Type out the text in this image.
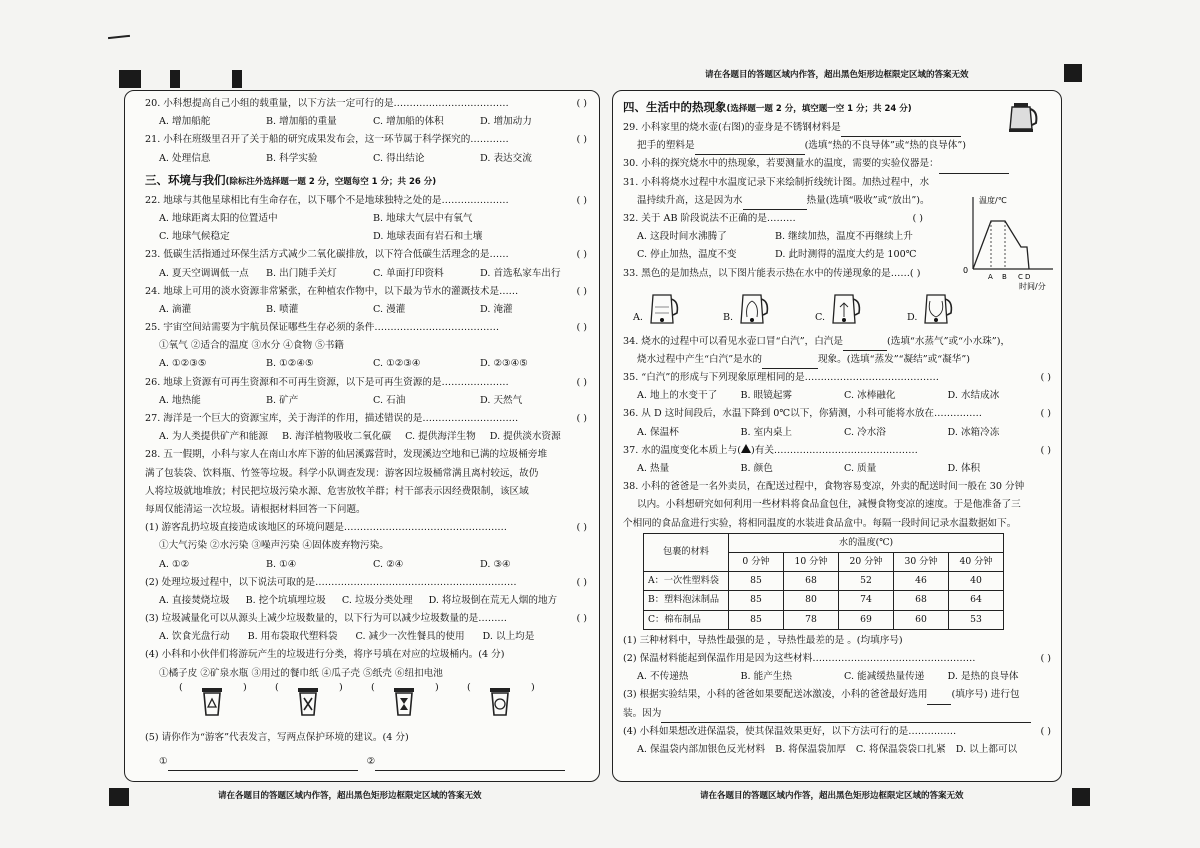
请在各题目的答题区域内作答，超出黑色矩形边框限定区域的答案无效
请在各题目的答题区域内作答，超出黑色矩形边框限定区域的答案无效	请在各题目的答题区域内作答，超出黑色矩形边框限定区域的答案无效
20. 小科想提高自己小组的载重量，以下方法一定可行的是………………………………	( )
A. 增加船舵	B. 增加船的重量	C. 增加船的体积	D. 增加动力
21. 小科在班级里召开了关于船的研究成果发布会，这一环节属于科学探究的…………	( )
A. 处理信息	B. 科学实验	C. 得出结论	D. 表达交流
三、环境与我们(除标注外选择题一题 2 分，空题每空 1 分；共 26 分)
22. 地球与其他星球相比有生命存在，以下哪个不是地球独特之处的是…………………	( )
A. 地球距离太阳的位置适中	B. 地球大气层中有氧气
C. 地球气候稳定	D. 地球表面有岩石和土壤
23. 低碳生活指通过环保生活方式减少二氧化碳排放，以下符合低碳生活理念的是……	( )
A. 夏天空调调低一点	B. 出门随手关灯	C. 单面打印资料	D. 首选私家车出行
24. 地球上可用的淡水资源非常紧张，在种植农作物中，以下最为节水的灌溉技术是……	( )
A. 滴灌	B. 喷灌	C. 漫灌	D. 淹灌
25. 宇宙空间站需要为宇航员保证哪些生存必须的条件…………………………………	( )
①氧气 ②适合的温度 ③水分 ④食物 ⑤书籍
A. ①②③⑤	B. ①②④⑤	C. ①②③④	D. ②③④⑤
26. 地球上资源有可再生资源和不可再生资源，以下是可再生资源的是…………………	( )
A. 地热能	B. 矿产	C. 石油	D. 天然气
27. 海洋是一个巨大的资源宝库，关于海洋的作用，描述错误的是…………………………	( )
A. 为人类提供矿产和能源 B. 海洋植物吸收二氧化碳 C. 提供海洋生物 D. 提供淡水资源
28. 五一假期，小科与家人在南山水库下游的仙居溪露营时，发现溪边空地和已满的垃圾桶旁堆
满了包装袋、饮料瓶、竹签等垃圾。科学小队调查发现：游客因垃圾桶常满且离村较远，故仍
人将垃圾就地堆放；村民把垃圾污染水源、危害放牧羊群；村干部表示因经费限制，该区域
每周仅能清运一次垃圾。请根据材料回答一下问题。
(1) 游客乱扔垃圾直接造成该地区的环境问题是……………………………………………	( )
①大气污染 ②水污染 ③噪声污染 ④固体废弃物污染。
A. ①②	B. ①④	C. ②④	D. ③④
(2) 处理垃圾过程中，以下说法可取的是………………………………………………………	( )
A. 直接焚烧垃圾 B. 挖个坑填埋垃圾 C. 垃圾分类处理 D. 将垃圾倒在荒无人烟的地方
(3) 垃圾减量化可以从源头上减少垃圾数量的，以下行为可以减少垃圾数量的是………	( )
A. 饮食光盘行动 B. 用布袋取代塑料袋 C. 减少一次性餐具的使用 D. 以上均是
(4) 小科和小伙伴们将游玩产生的垃圾进行分类，将序号填在对应的垃圾桶内。(4 分)
①橘子皮 ②矿泉水瓶 ③用过的餐巾纸 ④瓜子壳 ⑤纸壳 ⑥纽扣电池
(	)	(	)	(	)	(	)
(5) 请你作为“游客”代表发言，写两点保护环境的建议。(4 分)
①	②
四、生活中的热现象(选择题一题 2 分，填空题一空 1 分；共 24 分)
29. 小科家里的烧水壶(右图)的壶身是不锈钢材料是
把手的塑料是	(选填“热的不良导体”或“热的良导体”)
30. 小科的探究烧水中的热现象，若要测量水的温度，需要的实验仪器是：
31. 小科将烧水过程中水温度记录下来绘制折线统计图。加热过程中，水
温持续升高，这是因为水	热量(选填“吸收”或“放出”)。
32. 关于 AB 阶段说法不正确的是………	( )
A. 这段时间水沸腾了	B. 继续加热，温度不再继续上升
C. 停止加热，温度不变	D. 此时测得的温度大约是 100℃
温度/℃
0
A B C D
时间/分
33. 黑色的是加热点，以下图片能表示热在水中的传递现象的是……( )
A.	B.	C.	D.
34. 烧水的过程中可以看见水壶口冒“白汽”，白汽是	(选填“水蒸气”或“小水珠”)，
烧水过程中产生“白汽”是水的	现象。(选填“蒸发”“凝结”或“凝华”)
35. “白汽”的形成与下列现象原理相同的是……………………………………	( )
A. 地上的水变干了	B. 眼镜起雾	C. 冰棒融化	D. 水结成冰
36. 从 D 这时间段后，水温下降到 0℃以下，你猜测，小科可能将水放在……………	( )
A. 保温杯	B. 室内桌上	C. 冷水浴	D. 冰箱冷冻
37. 水的温度变化本质上与( )有关………………………………………	( )
A. 热量	B. 颜色	C. 质量	D. 体积
38. 小科的爸爸是一名外卖员，在配送过程中，食物容易变凉，外卖的配送时间一般在 30 分钟
以内。小科想研究如何利用一些材料将食品盒包住，减慢食物变凉的速度。于是他准备了三
个相同的食品盒进行实验，将相同温度的水装进食品盒中。每隔一段时间记录水温数据如下。
包裹的材料	水的温度(℃)				
	0 分钟	10 分钟	20 分钟	30 分钟	40 分钟
A：一次性塑料袋	85	68	52	46	40
B：塑料泡沫制品	85	80	74	68	64
C：棉布制品	85	78	69	60	53
(1) 三种材料中，导热性最强的是 ，导热性最差的是 。(均填序号)
(2) 保温材料能起到保温作用是因为这些材料……………………………………………	( )
A. 不传递热	B. 能产生热	C. 能减缓热量传递	D. 是热的良导体
(3) 根据实验结果，小科的爸爸如果要配送冰激凌，小科的爸爸最好选用	(填序号) 进行包
装。因为
(4) 小科如果想改进保温袋，使其保温效果更好，以下方法可行的是……………	( )
A. 保温袋内部加银色反光材料 B. 将保温袋加厚 C. 将保温袋袋口扎紧 D. 以上都可以
